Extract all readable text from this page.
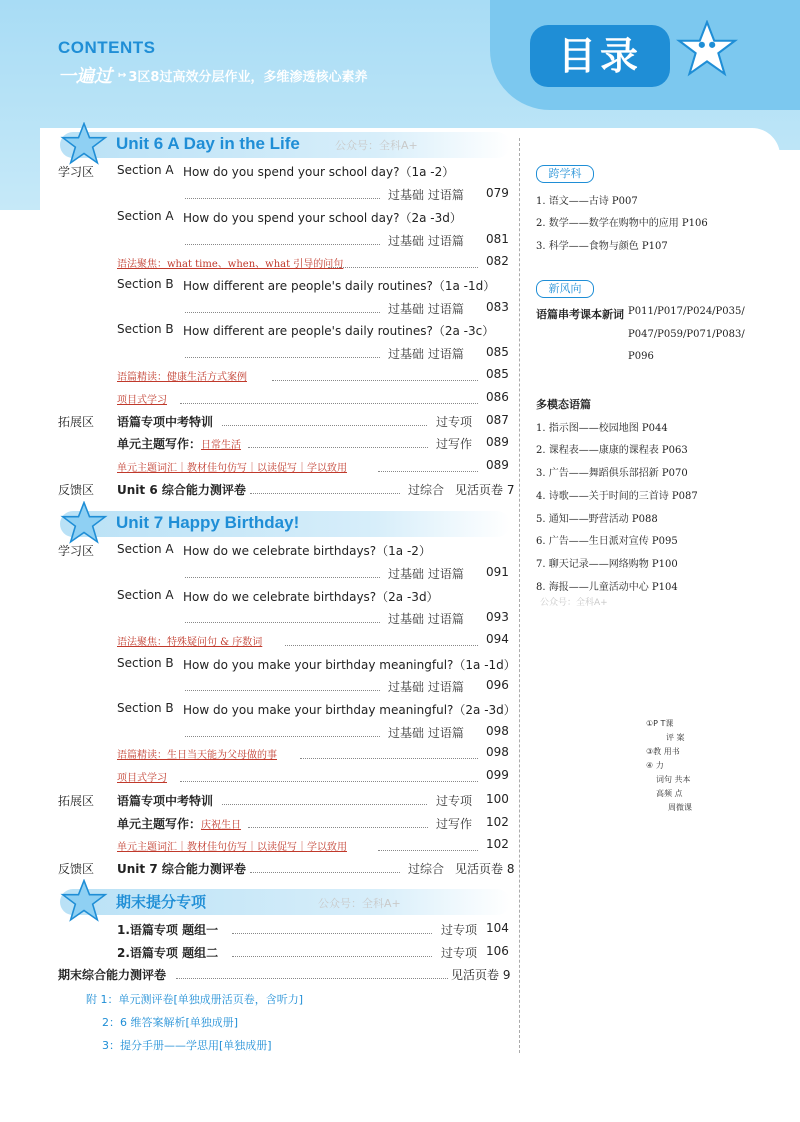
CONTENTS
一遍过 ↦ 3区8过高效分层作业，多维渗透核心素养	目录
Unit 6 A Day in the Life	公众号：全科A+
学习区 Section A How do you spend your school day?（1a -2）
过基础 过语篇 079
Section A How do you spend your school day?（2a -3d）
过基础 过语篇 081
语法聚焦：what time、when、what 引导的问句	082
Section B How different are people's daily routines?（1a -1d）
过基础 过语篇 083
Section B How different are people's daily routines?（2a -3c）
过基础 过语篇 085
语篇精读：健康生活方式案例	085
项目式学习	086
拓展区 语篇专项中考特训	过专项 087
单元主题写作：日常生活	过写作 089
单元主题词汇｜教材佳句仿写｜以读促写｜学以致用	089
反馈区 Unit 6 综合能力测评卷	过综合 见活页卷 7
Unit 7 Happy Birthday!
学习区 Section A How do we celebrate birthdays?（1a -2）
过基础 过语篇 091
Section A How do we celebrate birthdays?（2a -3d）
过基础 过语篇 093
语法聚焦：特殊疑问句 & 序数词	094
Section B How do you make your birthday meaningful?（1a -1d）
过基础 过语篇 096
Section B How do you make your birthday meaningful?（2a -3d）
过基础 过语篇 098
语篇精读：生日当天能为父母做的事	098
项目式学习	099
拓展区 语篇专项中考特训	过专项 100
单元主题写作：庆祝生日	过写作 102
单元主题词汇｜教材佳句仿写｜以读促写｜学以致用	102
反馈区 Unit 7 综合能力测评卷	过综合 见活页卷 8
期末提分专项	公众号：全科A+
1.语篇专项 题组一	过专项 104
2.语篇专项 题组二	过专项 106
期末综合能力测评卷	见活页卷 9
附 1：单元测评卷[单独成册活页卷，含听力]
2：6 维答案解析[单独成册]
3：提分手册——学思用[单独成册]
跨学科
1. 语文——古诗 P007
2. 数学——数学在购物中的应用 P106
3. 科学——食物与颜色 P107
新风向
语篇串考课本新词 P011/P017/P024/P035/
P047/P059/P071/P083/
P096
多模态语篇
1. 指示图——校园地图 P044
2. 课程表——康康的课程表 P063
3. 广告——舞蹈俱乐部招新 P070
4. 诗歌——关于时间的三首诗 P087
5. 通知——野营活动 P088
6. 广告——生日派对宣传 P095
7. 聊天记录——网络购物 P100
8. 海报——儿童活动中心 P104
公众号：全科A+
①P T课
评 案
③教 用书
④ 力
词句 共本
高频 点
周微课
